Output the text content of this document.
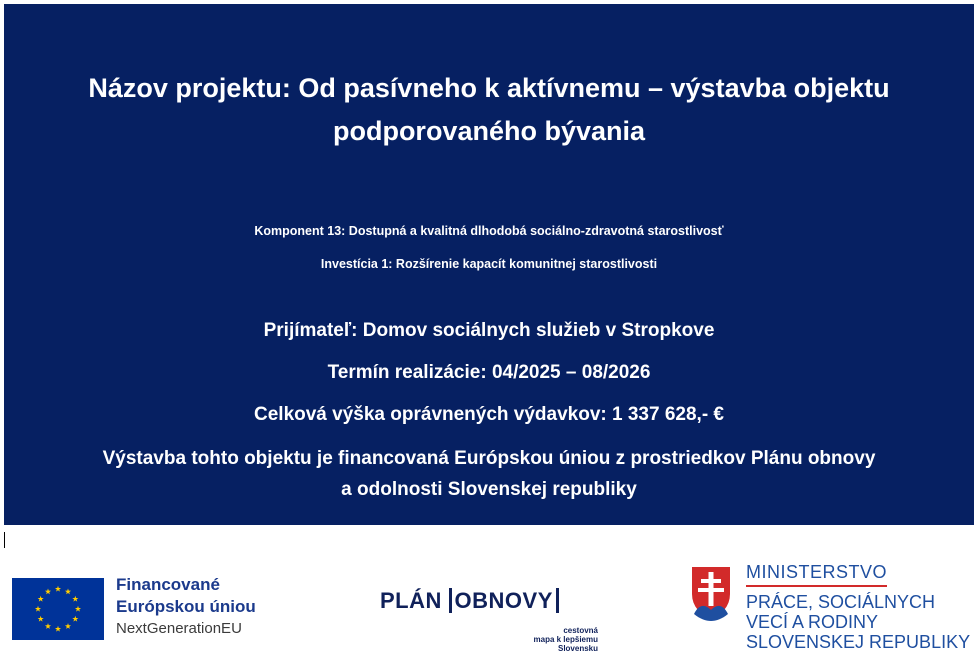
Názov projektu: Od pasívneho k aktívnemu – výstavba objektu
podporovaného bývania
Komponent 13: Dostupná a kvalitná dlhodobá sociálno-zdravotná starostlivosť
Investícia 1: Rozšírenie kapacít komunitnej starostlivosti
Prijímateľ: Domov sociálnych služieb v Stropkove
Termín realizácie: 04/2025 – 08/2026
Celková výška oprávnených výdavkov: 1 337 628,- €
Výstavba tohto objektu je financovaná Európskou úniou z prostriedkov Plánu obnovy
a odolnosti Slovenskej republiky
Financované
Európskou úniou
NextGenerationEU
PLÁN OBNOVY
cestovná
mapa k lepšiemu
Slovensku
MINISTERSTVO
PRÁCE, SOCIÁLNYCH
VECÍ A RODINY
SLOVENSKEJ REPUBLIKY
